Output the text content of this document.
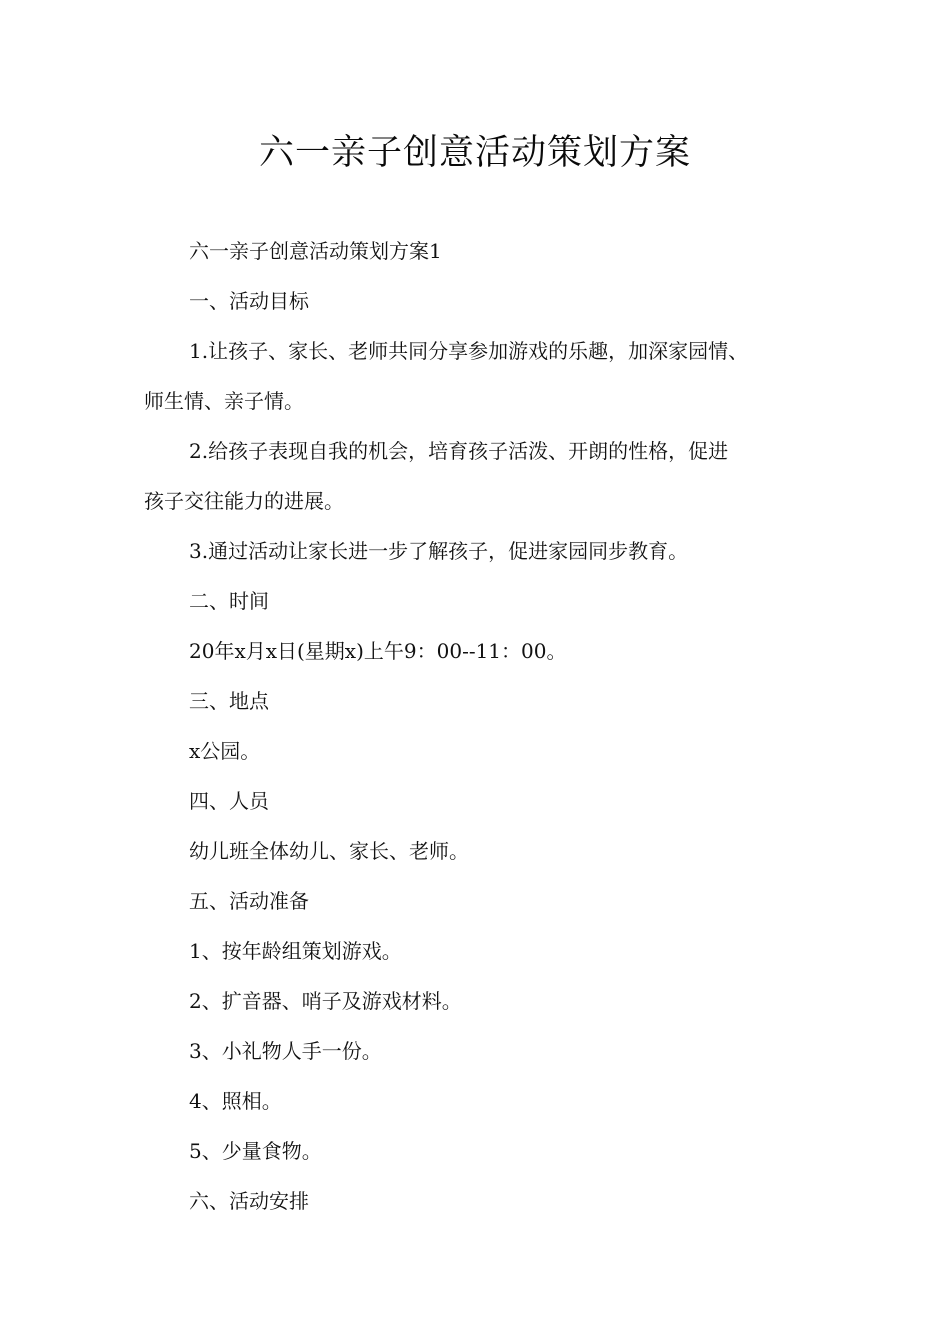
六一亲子创意活动策划方案

六一亲子创意活动策划方案1

一、活动目标

1.让孩子、家长、老师共同分享参加游戏的乐趣，加深家园情、

师生情、亲子情。

2.给孩子表现自我的机会，培育孩子活泼、开朗的性格，促进

孩子交往能力的进展。

3.通过活动让家长进一步了解孩子，促进家园同步教育。

二、时间

20年x月x日(星期x)上午9：00--11：00。

三、地点

x公园。

四、人员

幼儿班全体幼儿、家长、老师。

五、活动准备

1、按年龄组策划游戏。

2、扩音器、哨子及游戏材料。

3、小礼物人手一份。

4、照相。

5、少量食物。

六、活动安排
